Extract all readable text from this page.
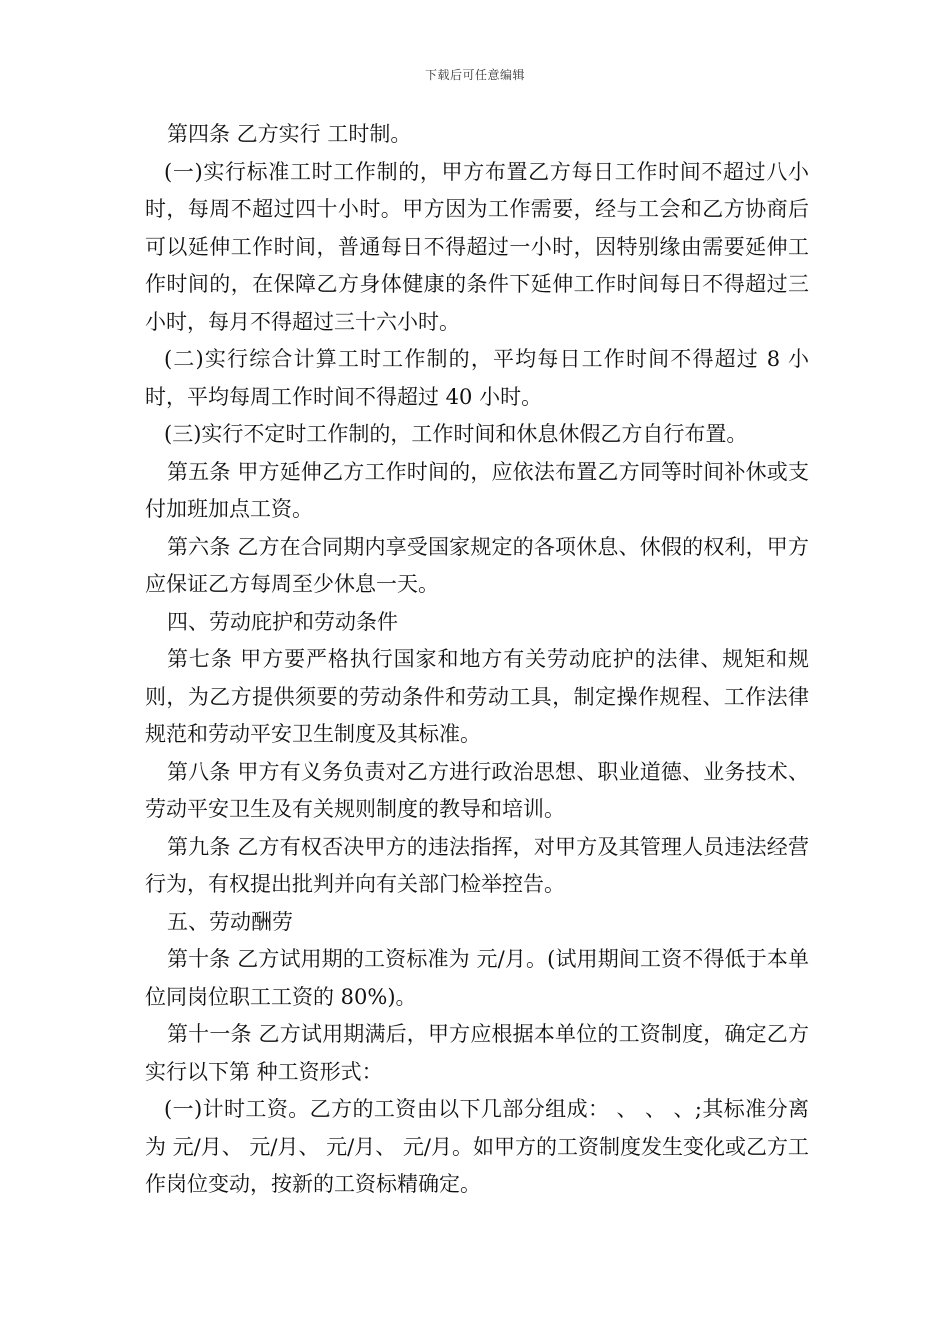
下载后可任意编辑

第四条 乙方实行 工时制。

(一)实行标准工时工作制的，甲方布置乙方每日工作时间不超过八小时，每周不超过四十小时。甲方因为工作需要，经与工会和乙方协商后可以延伸工作时间，普通每日不得超过一小时，因特别缘由需要延伸工作时间的，在保障乙方身体健康的条件下延伸工作时间每日不得超过三小时，每月不得超过三十六小时。

(二)实行综合计算工时工作制的，平均每日工作时间不得超过 8 小时，平均每周工作时间不得超过 40 小时。

(三)实行不定时工作制的，工作时间和休息休假乙方自行布置。

第五条 甲方延伸乙方工作时间的，应依法布置乙方同等时间补休或支付加班加点工资。

第六条 乙方在合同期内享受国家规定的各项休息、休假的权利，甲方应保证乙方每周至少休息一天。

四、劳动庇护和劳动条件

第七条 甲方要严格执行国家和地方有关劳动庇护的法律、规矩和规则，为乙方提供须要的劳动条件和劳动工具，制定操作规程、工作法律规范和劳动平安卫生制度及其标准。

第八条 甲方有义务负责对乙方进行政治思想、职业道德、业务技术、劳动平安卫生及有关规则制度的教导和培训。

第九条 乙方有权否决甲方的违法指挥，对甲方及其管理人员违法经营行为，有权提出批判并向有关部门检举控告。

五、劳动酬劳

第十条 乙方试用期的工资标准为 元/月。(试用期间工资不得低于本单位同岗位职工工资的 80%)。

第十一条 乙方试用期满后，甲方应根据本单位的工资制度，确定乙方实行以下第 种工资形式：

(一)计时工资。乙方的工资由以下几部分组成： 、 、 、;其标准分离为 元/月、 元/月、 元/月、 元/月。如甲方的工资制度发生变化或乙方工作岗位变动，按新的工资标精确定。
